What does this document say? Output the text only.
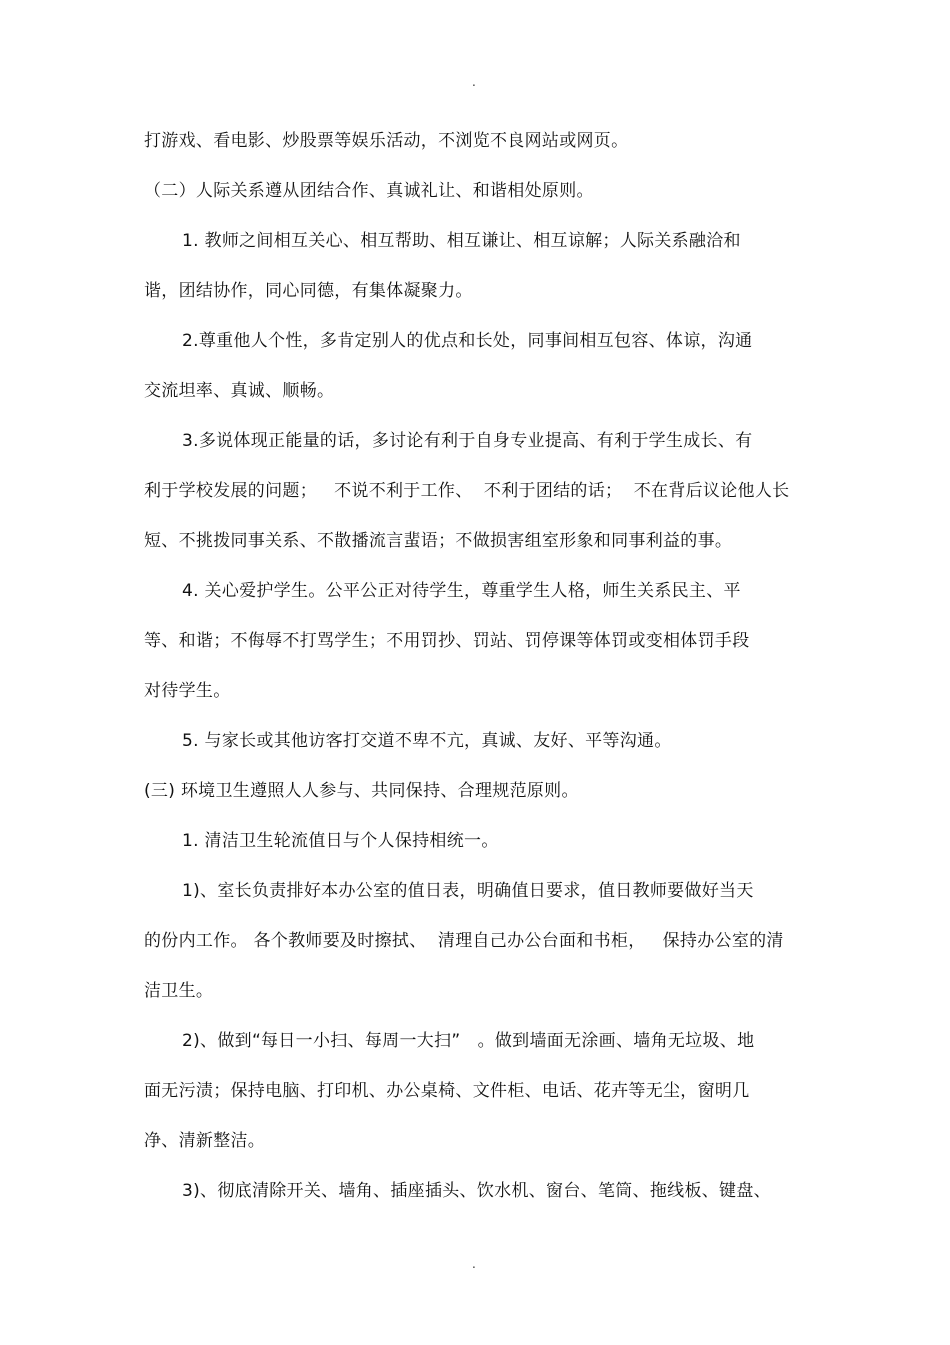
.
打游戏、看电影、炒股票等娱乐活动，不浏览不良网站或网页。
（二）人际关系遵从团结合作、真诚礼让、和谐相处原则。
1. 教师之间相互关心、相互帮助、相互谦让、相互谅解；人际关系融洽和
谐，团结协作，同心同德，有集体凝聚力。
2.尊重他人个性，多肯定别人的优点和长处，同事间相互包容、体谅，沟通
交流坦率、真诚、顺畅。
3.多说体现正能量的话，多讨论有利于自身专业提高、有利于学生成长、有
利于学校发展的问题；   不说不利于工作、  不利于团结的话；  不在背后议论他人长
短、不挑拨同事关系、不散播流言蜚语；不做损害组室形象和同事利益的事。
4. 关心爱护学生。公平公正对待学生，尊重学生人格，师生关系民主、平
等、和谐；不侮辱不打骂学生；不用罚抄、罚站、罚停课等体罚或变相体罚手段
对待学生。
5. 与家长或其他访客打交道不卑不亢，真诚、友好、平等沟通。
(三) 环境卫生遵照人人参与、共同保持、合理规范原则。
1. 清洁卫生轮流值日与个人保持相统一。
1)、室长负责排好本办公室的值日表，明确值日要求，值日教师要做好当天
的份内工作。 各个教师要及时擦拭、  清理自己办公台面和书柜，   保持办公室的清
洁卫生。
2)、做到“每日一小扫、每周一大扫”   。做到墙面无涂画、墙角无垃圾、地
面无污渍；保持电脑、打印机、办公桌椅、文件柜、电话、花卉等无尘，窗明几
净、清新整洁。
3)、彻底清除开关、墙角、插座插头、饮水机、窗台、笔筒、拖线板、键盘、
.
